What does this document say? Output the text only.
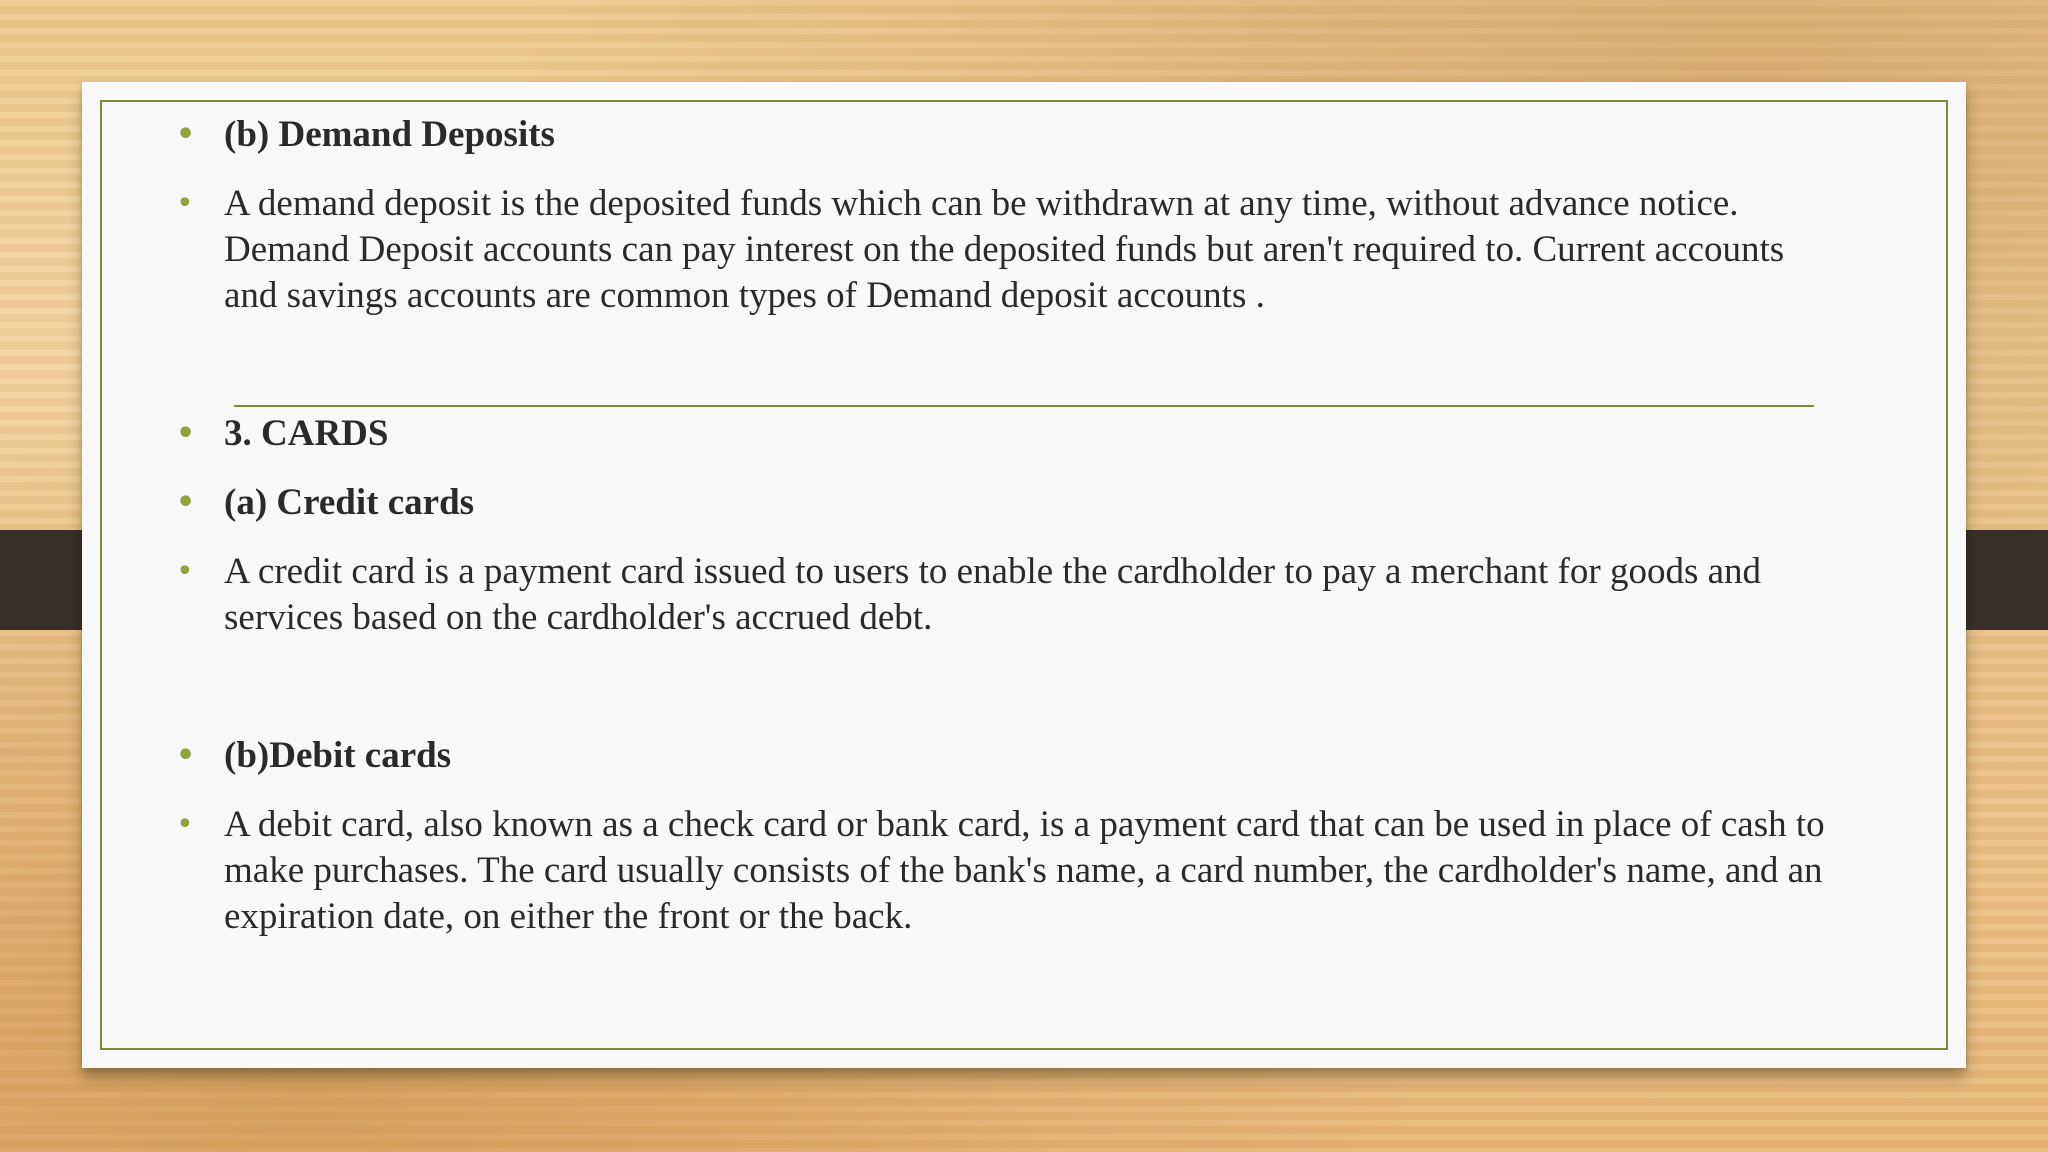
• (b) Demand Deposits
• A demand deposit is the deposited funds which can be withdrawn at any time, without advance notice. Demand Deposit accounts can pay interest on the deposited funds but aren't required to. Current accounts and savings accounts are common types of Demand deposit accounts .
• 3. CARDS
• (a) Credit cards
• A credit card is a payment card issued to users to enable the cardholder to pay a merchant for goods and services based on the cardholder's accrued debt.
• (b)Debit cards
• A debit card, also known as a check card or bank card, is a payment card that can be used in place of cash to make purchases. The card usually consists of the bank's name, a card number, the cardholder's name, and an expiration date, on either the front or the back.
